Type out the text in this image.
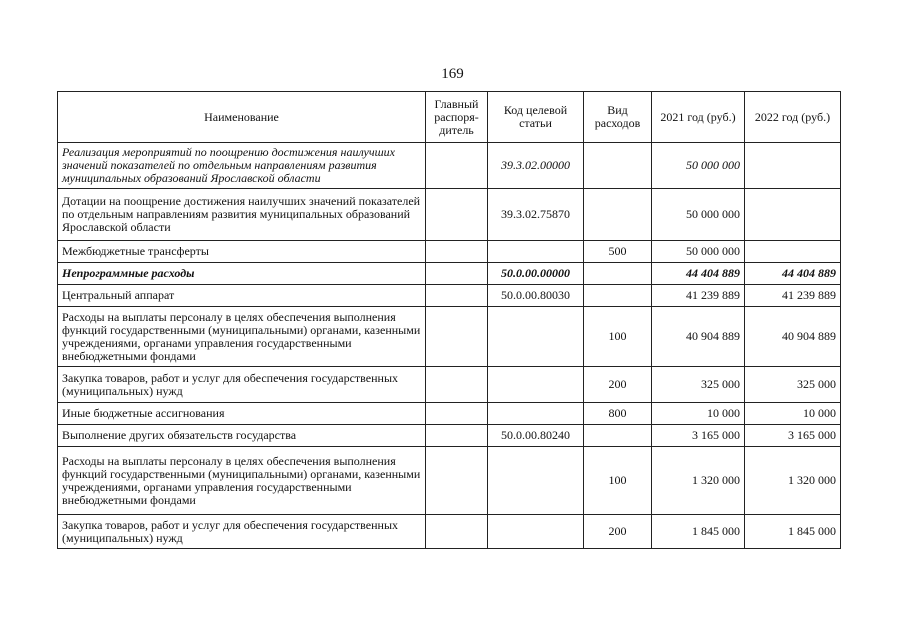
169
Наименование	Главный распоря-дитель	Код целевой статьи	Вид расходов	2021 год (руб.)	2022 год (руб.)
Реализация мероприятий по поощрению достижения наилучших значений показателей по отдельным направлениям развития муниципальных образований Ярославской области		39.3.02.00000		50 000 000	
Дотации на поощрение достижения наилучших значений показателей по отдельным направлениям развития муниципальных образований Ярославской области		39.3.02.75870		50 000 000	
Межбюджетные трансферты			500	50 000 000	
Непрограммные расходы		50.0.00.00000		44 404 889	44 404 889
Центральный аппарат		50.0.00.80030		41 239 889	41 239 889
Расходы на выплаты персоналу в целях обеспечения выполнения функций государственными (муниципальными) органами, казенными учреждениями, органами управления государственными внебюджетными фондами			100	40 904 889	40 904 889
Закупка товаров, работ и услуг для обеспечения государственных (муниципальных) нужд			200	325 000	325 000
Иные бюджетные ассигнования			800	10 000	10 000
Выполнение других обязательств государства		50.0.00.80240		3 165 000	3 165 000
Расходы на выплаты персоналу в целях обеспечения выполнения функций государственными (муниципальными) органами, казенными учреждениями, органами управления государственными внебюджетными фондами			100	1 320 000	1 320 000
Закупка товаров, работ и услуг для обеспечения государственных (муниципальных) нужд			200	1 845 000	1 845 000
